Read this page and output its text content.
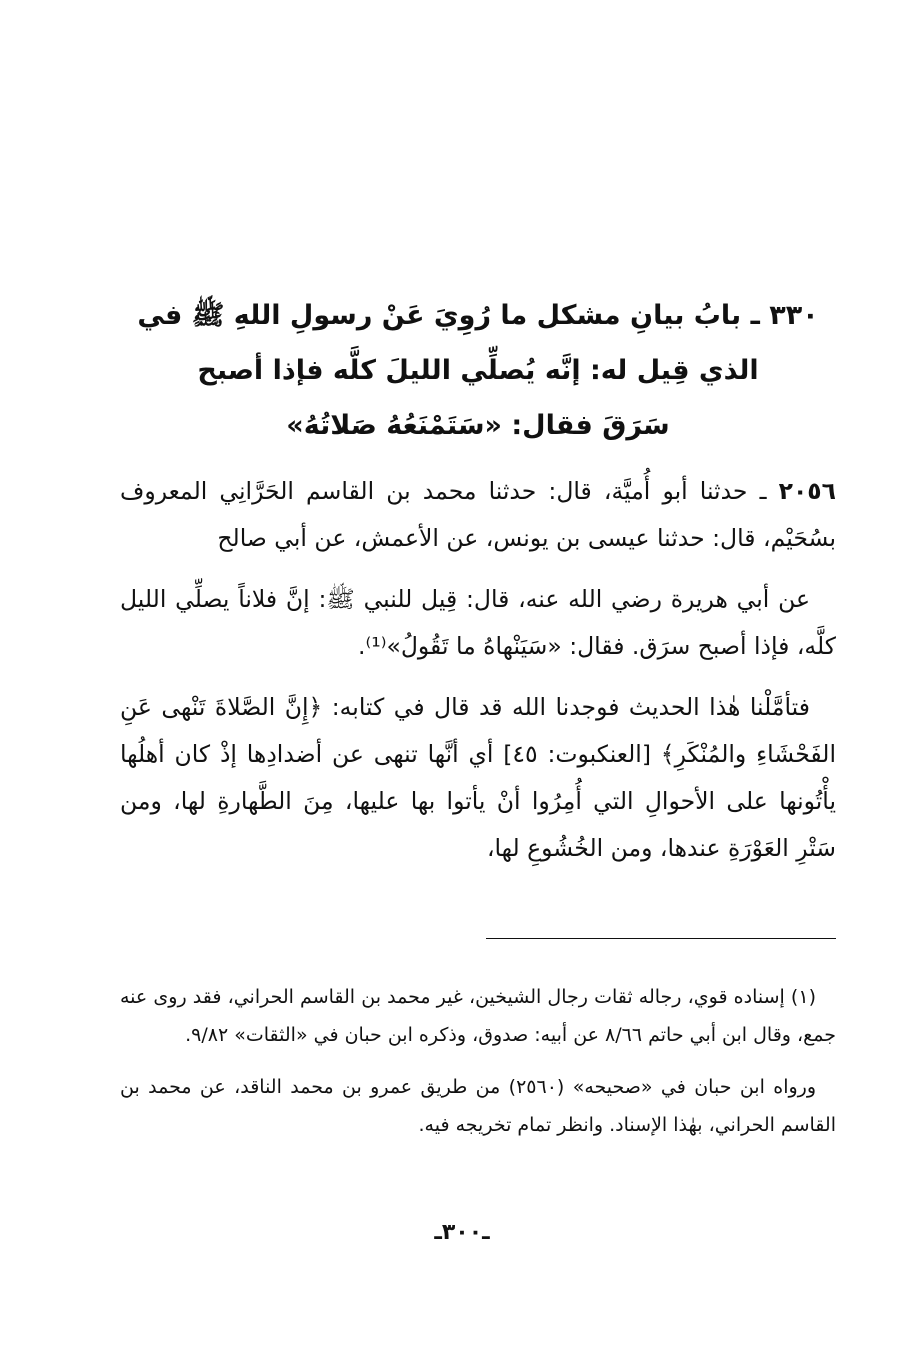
٣٣٠ ـ بابُ بيانِ مشكل ما رُوِيَ عَنْ رسولِ اللهِ ﷺ في
الذي قِيل له: إنَّه يُصلِّي الليلَ كلَّه فإذا أصبح
سَرَقَ فقال: «سَتَمْنَعُهُ صَلاتُهُ»

٢٠٥٦ ـ حدثنا أبو أُميَّة، قال: حدثنا محمد بن القاسم الحَرَّانِي المعروف بسُحَيْم، قال: حدثنا عيسى بن يونس، عن الأعمش، عن أبي صالح

عن أبي هريرة رضي الله عنه، قال: قِيل للنبي ﷺ: إنَّ فلاناً يصلِّي الليل كلَّه، فإذا أصبح سرَق. فقال: «سَيَنْهاهُ ما تَقُولُ»⁽¹⁾.

فتأمَّلْنا هٰذا الحديث فوجدنا الله قد قال في كتابه: ﴿إِنَّ الصَّلاةَ تَنْهى عَنِ الفَحْشَاءِ والمُنْكَرِ﴾ [العنكبوت: ٤٥] أي أنَّها تنهى عن أضدادِها إذْ كان أهلُها يأْتُونها على الأحوالِ التي أُمِرُوا أنْ يأتوا بها عليها، مِنَ الطَّهارةِ لها، ومن سَتْرِ العَوْرَةِ عندها، ومن الخُشُوعِ لها،

(١) إسناده قوي، رجاله ثقات رجال الشيخين، غير محمد بن القاسم الحراني، فقد روى عنه جمع، وقال ابن أبي حاتم ٨/٦٦ عن أبيه: صدوق، وذكره ابن حبان في «الثقات» ٩/٨٢.

ورواه ابن حبان في «صحيحه» (٢٥٦٠) من طريق عمرو بن محمد الناقد، عن محمد بن القاسم الحراني، بهٰذا الإسناد. وانظر تمام تخريجه فيه.

ـ٣٠٠ـ
